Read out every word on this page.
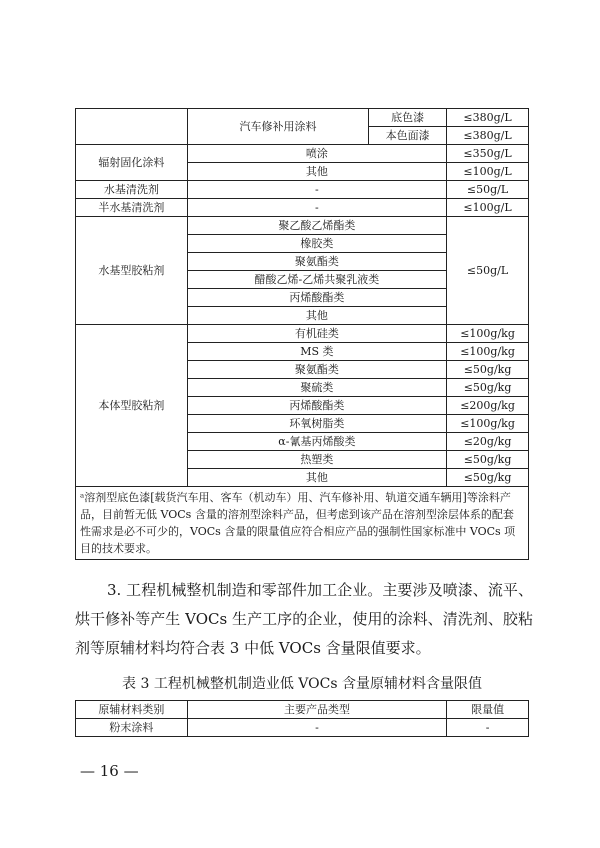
	汽车修补用涂料	底色漆	≤380g/L
		本色面漆	≤380g/L
辐射固化涂料	喷涂		≤350g/L
	其他		≤100g/L
水基清洗剂	-		≤50g/L
半水基清洗剂	-		≤100g/L
水基型胶粘剂	聚乙酸乙烯酯类		≤50g/L
	橡胶类		
	聚氨酯类		
	醋酸乙烯-乙烯共聚乳液类		
	丙烯酸酯类		
	其他		
本体型胶粘剂	有机硅类		≤100g/kg
	MS 类		≤100g/kg
	聚氨酯类		≤50g/kg
	聚硫类		≤50g/kg
	丙烯酸酯类		≤200g/kg
	环氧树脂类		≤100g/kg
	α-氰基丙烯酸类		≤20g/kg
	热塑类		≤50g/kg
	其他		≤50g/kg
ᵃ溶剂型底色漆[载货汽车用、客车（机动车）用、汽车修补用、轨道交通车辆用]等涂料产品，目前暂无低 VOCs 含量的溶剂型涂料产品，但考虑到该产品在溶剂型涂层体系的配套性需求是必不可少的，VOCs 含量的限量值应符合相应产品的强制性国家标准中 VOCs 项目的技术要求。			

3. 工程机械整机制造和零部件加工企业。主要涉及喷漆、流平、烘干修补等产生 VOCs 生产工序的企业，使用的涂料、清洗剂、胶粘剂等原辅材料均符合表 3 中低 VOCs 含量限值要求。

表 3 工程机械整机制造业低 VOCs 含量原辅材料含量限值
原辅材料类别	主要产品类型	限量值
粉末涂料	-	-
— 16 —
